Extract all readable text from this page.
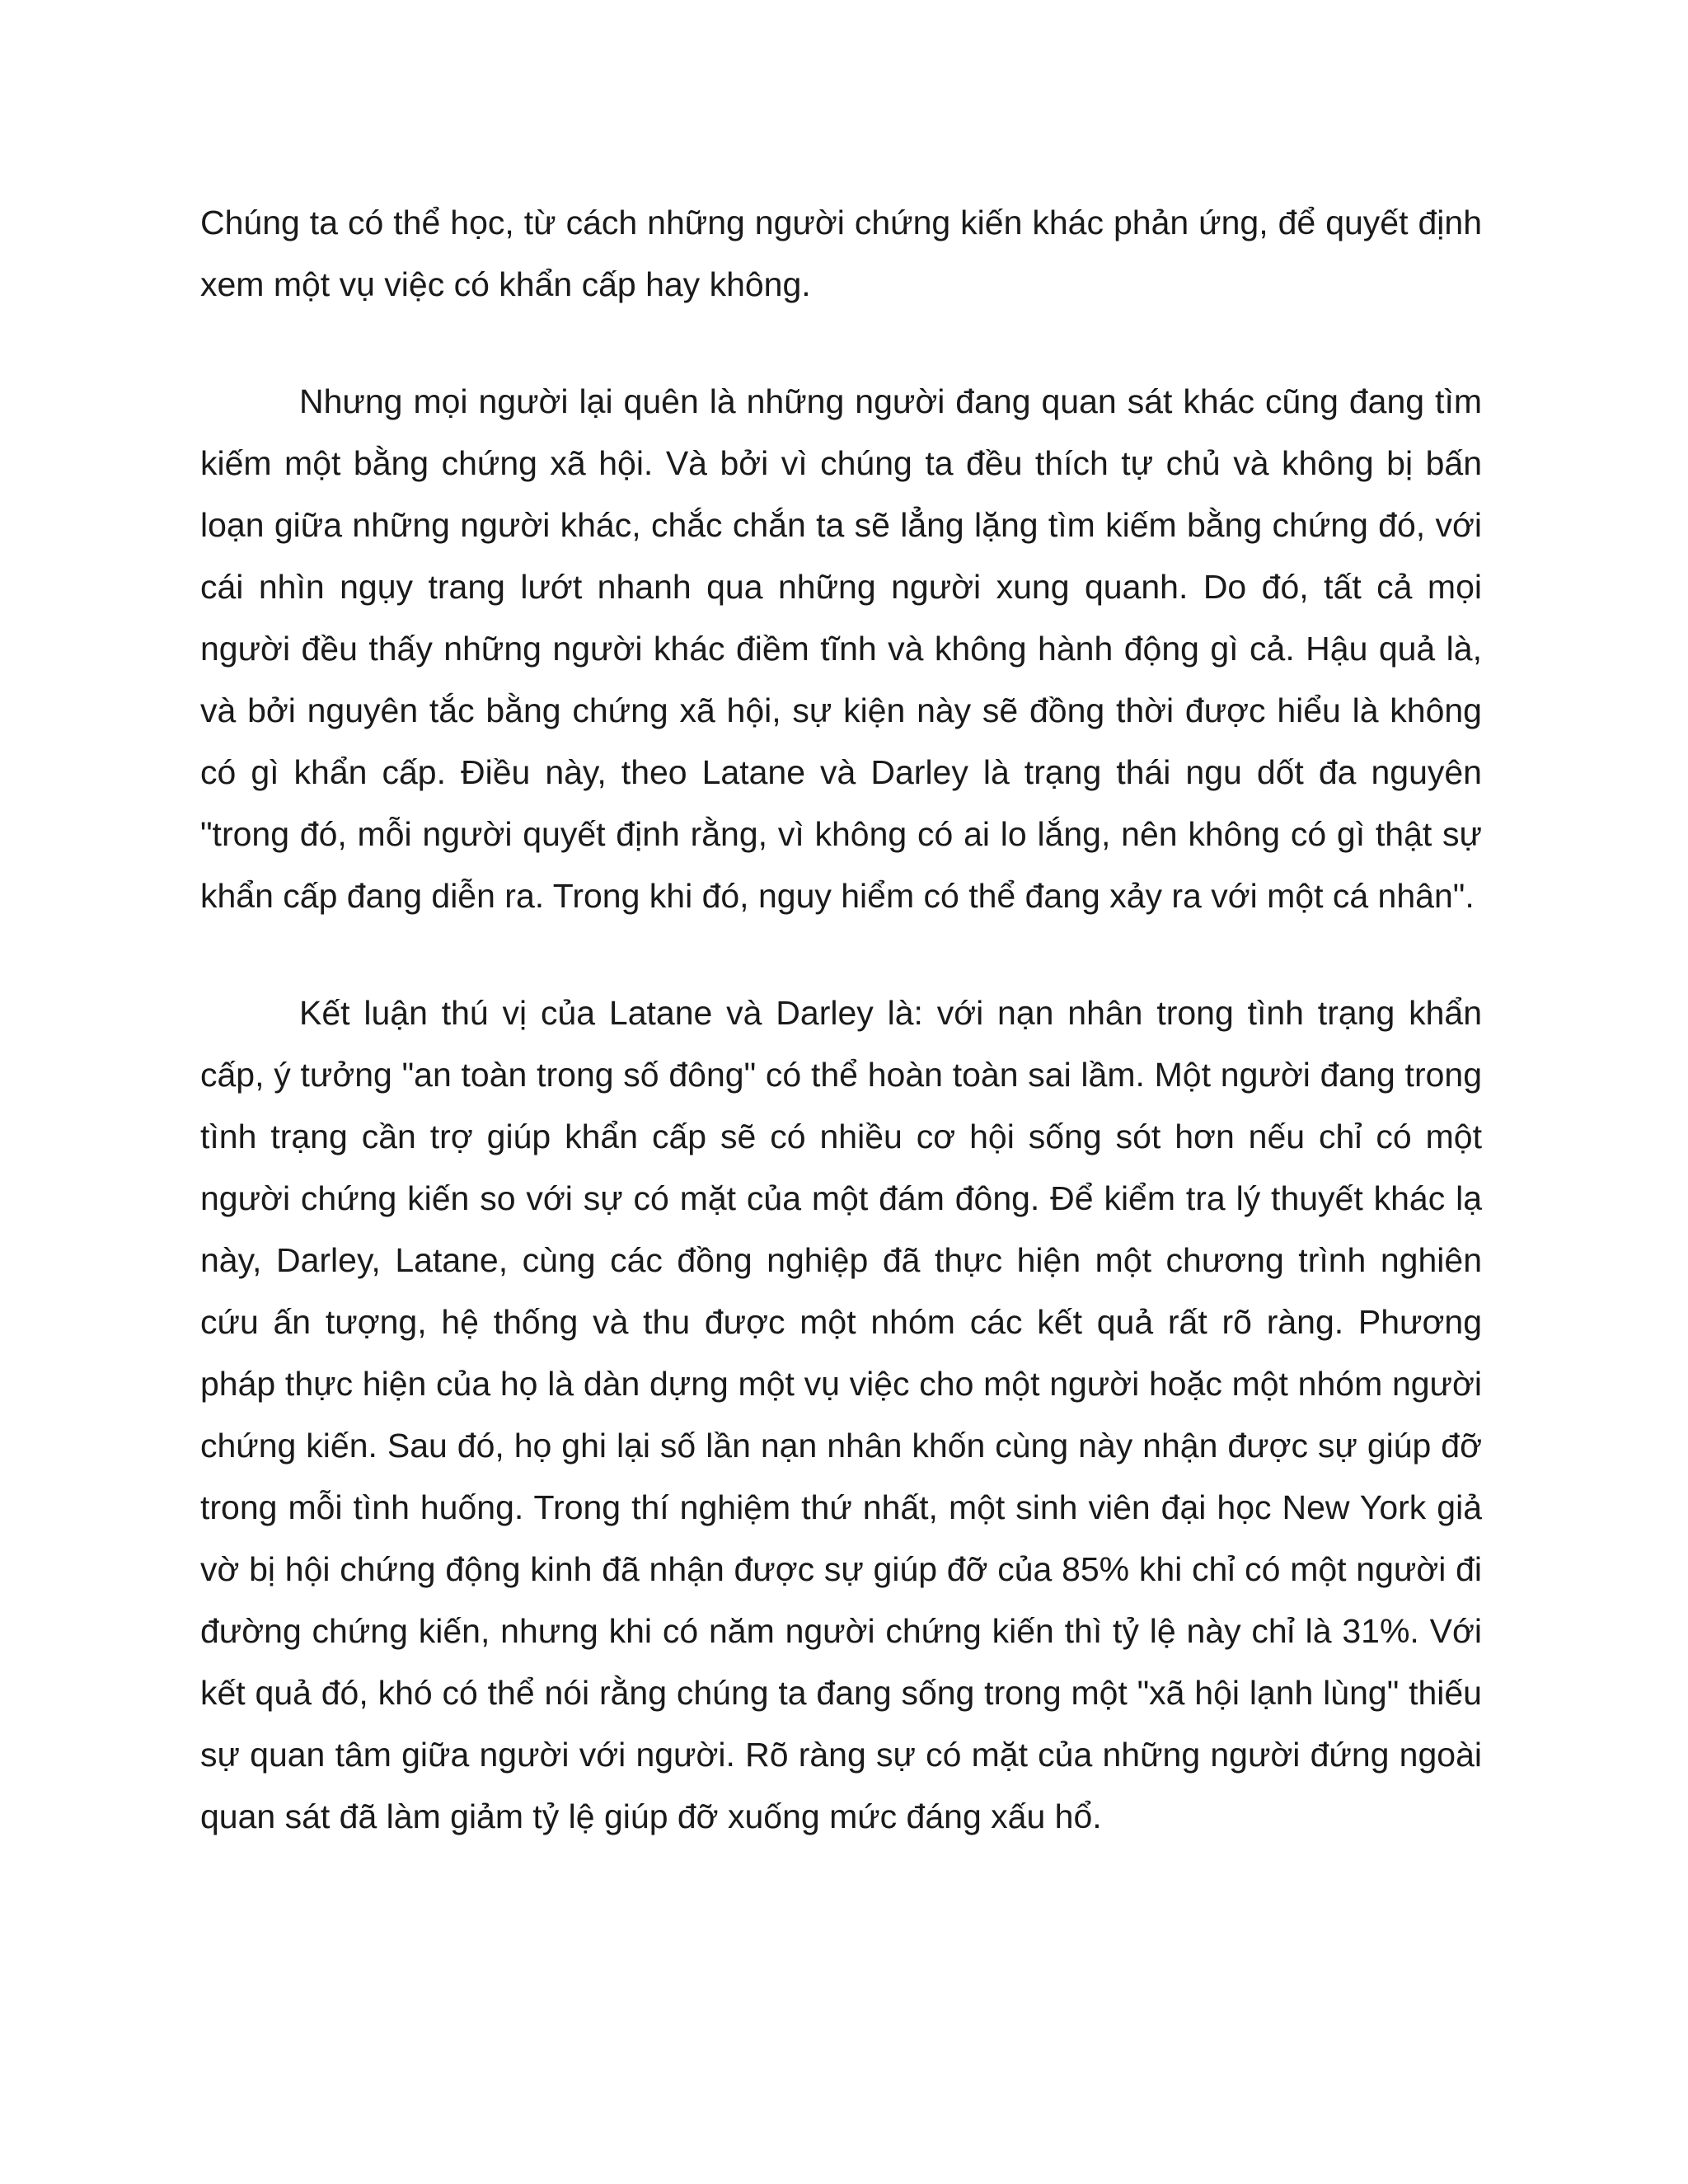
Chúng ta có thể học, từ cách những người chứng kiến khác phản ứng, để quyết định xem một vụ việc có khẩn cấp hay không.

Nhưng mọi người lại quên là những người đang quan sát khác cũng đang tìm kiếm một bằng chứng xã hội. Và bởi vì chúng ta đều thích tự chủ và không bị bấn loạn giữa những người khác, chắc chắn ta sẽ lẳng lặng tìm kiếm bằng chứng đó, với cái nhìn ngụy trang lướt nhanh qua những người xung quanh. Do đó, tất cả mọi người đều thấy những người khác điềm tĩnh và không hành động gì cả. Hậu quả là, và bởi nguyên tắc bằng chứng xã hội, sự kiện này sẽ đồng thời được hiểu là không có gì khẩn cấp. Điều này, theo Latane và Darley là trạng thái ngu dốt đa nguyên "trong đó, mỗi người quyết định rằng, vì không có ai lo lắng, nên không có gì thật sự khẩn cấp đang diễn ra. Trong khi đó, nguy hiểm có thể đang xảy ra với một cá nhân".

Kết luận thú vị của Latane và Darley là: với nạn nhân trong tình trạng khẩn cấp, ý tưởng "an toàn trong số đông" có thể hoàn toàn sai lầm. Một người đang trong tình trạng cần trợ giúp khẩn cấp sẽ có nhiều cơ hội sống sót hơn nếu chỉ có một người chứng kiến so với sự có mặt của một đám đông. Để kiểm tra lý thuyết khác lạ này, Darley, Latane, cùng các đồng nghiệp đã thực hiện một chương trình nghiên cứu ấn tượng, hệ thống và thu được một nhóm các kết quả rất rõ ràng. Phương pháp thực hiện của họ là dàn dựng một vụ việc cho một người hoặc một nhóm người chứng kiến. Sau đó, họ ghi lại số lần nạn nhân khốn cùng này nhận được sự giúp đỡ trong mỗi tình huống. Trong thí nghiệm thứ nhất, một sinh viên đại học New York giả vờ bị hội chứng động kinh đã nhận được sự giúp đỡ của 85% khi chỉ có một người đi đường chứng kiến, nhưng khi có năm người chứng kiến thì tỷ lệ này chỉ là 31%. Với kết quả đó, khó có thể nói rằng chúng ta đang sống trong một "xã hội lạnh lùng" thiếu sự quan tâm giữa người với người. Rõ ràng sự có mặt của những người đứng ngoài quan sát đã làm giảm tỷ lệ giúp đỡ xuống mức đáng xấu hổ.
